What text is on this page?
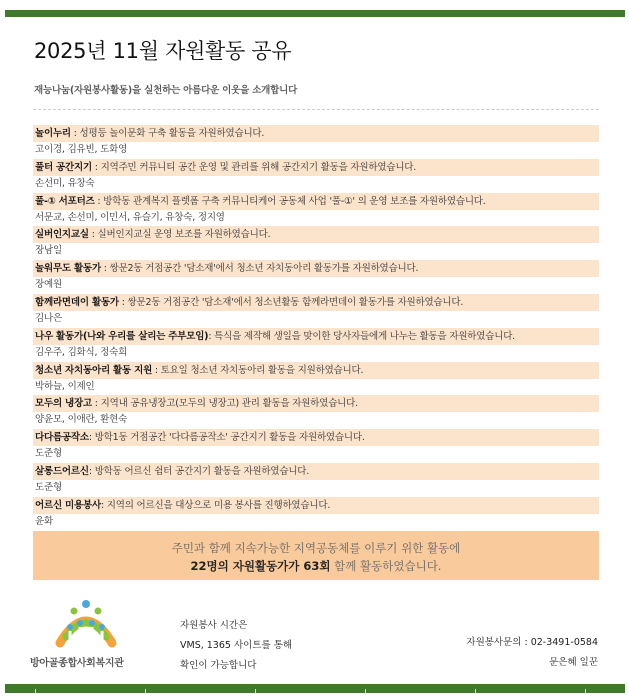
2025년 11월 자원활동 공유
재능나눔(자원봉사활동)을 실천하는 아름다운 이웃을 소개합니다
놀이누리 : 성평등 놀이문화 구축 활동을 자원하였습니다.
고이경, 김유빈, 도화영
풀터 공간지기 : 지역주민 커뮤니티 공간 운영 및 관리를 위해 공간지기 활동을 자원하였습니다.
손선미, 유창숙
풀-① 서포터즈 : 방학동 관계복지 플렛폼 구축 커뮤니티케어 공동체 사업 '풀-①' 의 운영 보조를 자원하였습니다.
서문교, 손선미, 이민서, 유슬기, 유창숙, 정지영
실버인지교실 : 실버인지교실 운영 보조를 자원하였습니다.
장남일
놀워무도 활동가 : 쌍문2동 거점공간 '담소재'에서 청소년 자치동아리 활동가를 자원하였습니다.
장예원
함께라면데이 활동가 : 쌍문2동 거점공간 '담소재'에서 청소년활동 함께라면데이 활동가를 자원하였습니다.
김나은
나우 활동가(나와 우리를 살리는 주부모임): 특식을 제작해 생일을 맞이한 당사자들에게 나누는 활동을 자원하였습니다.
김우주, 김화식, 정숙희
청소년 자치동아리 활동 지원 : 토요일 청소년 자치동아리 활동을 지원하였습니다.
박하늘, 이제인
모두의 냉장고 : 지역내 공유냉장고(모두의 냉장고) 관리 활동을 자원하였습니다.
양윤모, 이애란, 환현숙
다다름공작소: 방학1동 거점공간 '다다름공작소' 공간지기 활동을 자원하였습니다.
도준형
살롱드어르신: 방학동 어르신 쉼터 공간지기 활동을 자원하였습니다.
도준형
어르신 미용봉사: 지역의 어르신을 대상으로 미용 봉사를 진행하였습니다.
윤화
주민과 함께 지속가능한 지역공동체를 이루기 위한 활동에
22명의 자원활동가가 63회 함께 활동하였습니다.
방아골종합사회복지관
자원봉사 시간은
VMS, 1365 사이트를 통해
확인이 가능합니다
자원봉사문의 : 02-3491-0584
문은혜 일꾼
